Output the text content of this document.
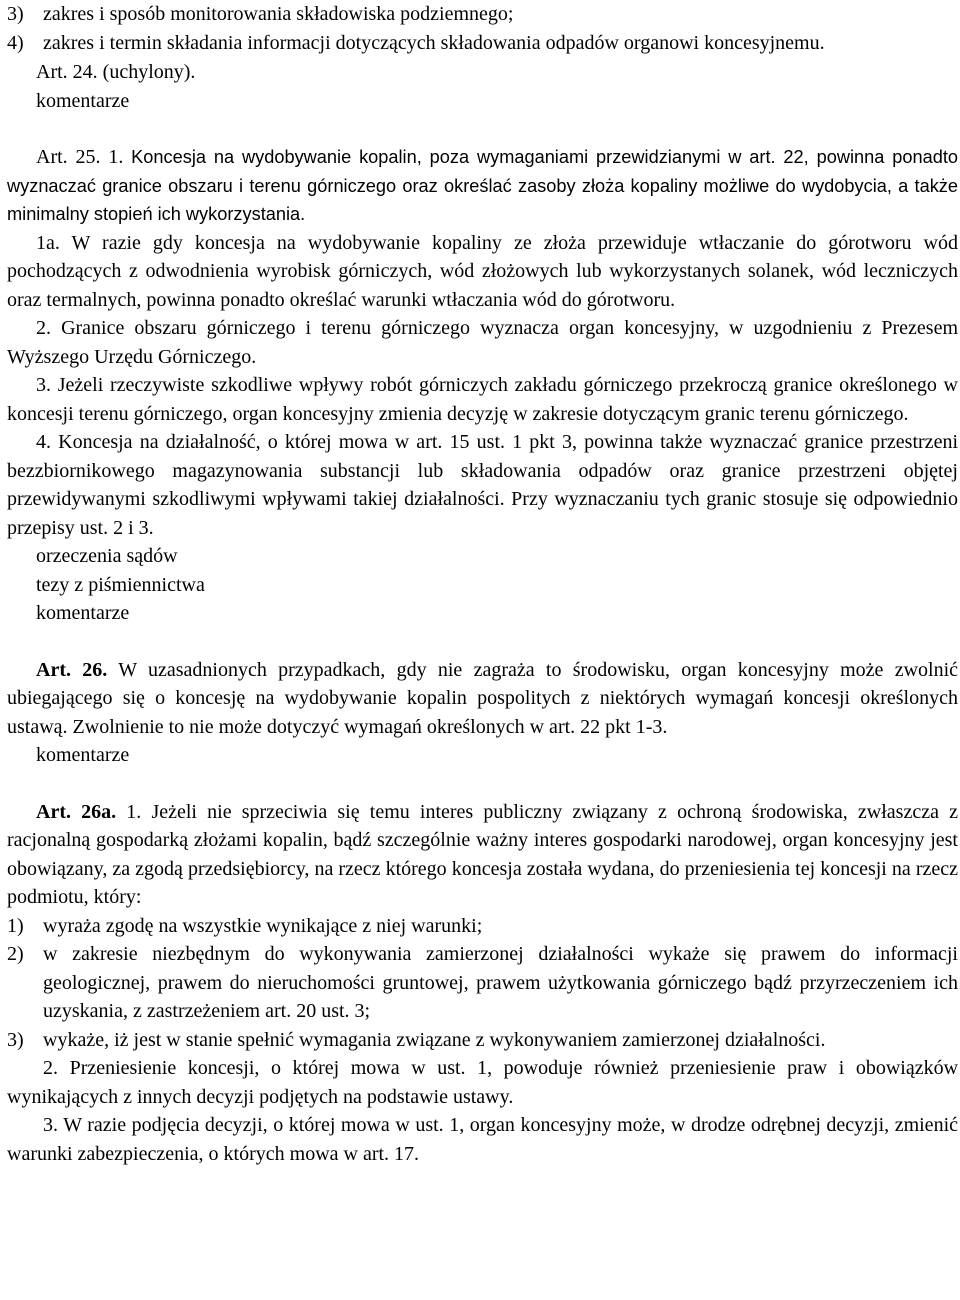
3) zakres i sposób monitorowania składowiska podziemnego;
4) zakres i termin składania informacji dotyczących składowania odpadów organowi koncesyjnemu.

Art. 24. (uchylony).

komentarze

Art. 25. 1. Koncesja na wydobywanie kopalin, poza wymaganiami przewidzianymi w art. 22, powinna ponadto wyznaczać granice obszaru i terenu górniczego oraz określać zasoby złoża kopaliny możliwe do wydobycia, a także minimalny stopień ich wykorzystania.

1a. W razie gdy koncesja na wydobywanie kopaliny ze złoża przewiduje wtłaczanie do górotworu wód pochodzących z odwodnienia wyrobisk górniczych, wód złożowych lub wykorzystanych solanek, wód leczniczych oraz termalnych, powinna ponadto określać warunki wtłaczania wód do górotworu.

2. Granice obszaru górniczego i terenu górniczego wyznacza organ koncesyjny, w uzgodnieniu z Prezesem Wyższego Urzędu Górniczego.

3. Jeżeli rzeczywiste szkodliwe wpływy robót górniczych zakładu górniczego przekroczą granice określonego w koncesji terenu górniczego, organ koncesyjny zmienia decyzję w zakresie dotyczącym granic terenu górniczego.

4. Koncesja na działalność, o której mowa w art. 15 ust. 1 pkt 3, powinna także wyznaczać granice przestrzeni bezzbiornikowego magazynowania substancji lub składowania odpadów oraz granice przestrzeni objętej przewidywanymi szkodliwymi wpływami takiej działalności. Przy wyznaczaniu tych granic stosuje się odpowiednio przepisy ust. 2 i 3.

orzeczenia sądów

tezy z piśmiennictwa

komentarze

Art. 26. W uzasadnionych przypadkach, gdy nie zagraża to środowisku, organ koncesyjny może zwolnić ubiegającego się o koncesję na wydobywanie kopalin pospolitych z niektórych wymagań koncesji określonych ustawą. Zwolnienie to nie może dotyczyć wymagań określonych w art. 22 pkt 1-3.

komentarze

Art. 26a. 1. Jeżeli nie sprzeciwia się temu interes publiczny związany z ochroną środowiska, zwłaszcza z racjonalną gospodarką złożami kopalin, bądź szczególnie ważny interes gospodarki narodowej, organ koncesyjny jest obowiązany, za zgodą przedsiębiorcy, na rzecz którego koncesja została wydana, do przeniesienia tej koncesji na rzecz podmiotu, który:

1) wyraża zgodę na wszystkie wynikające z niej warunki;
2) w zakresie niezbędnym do wykonywania zamierzonej działalności wykaże się prawem do informacji geologicznej, prawem do nieruchomości gruntowej, prawem użytkowania górniczego bądź przyrzeczeniem ich uzyskania, z zastrzeżeniem art. 20 ust. 3;
3) wykaże, iż jest w stanie spełnić wymagania związane z wykonywaniem zamierzonej działalności.

2. Przeniesienie koncesji, o której mowa w ust. 1, powoduje również przeniesienie praw i obowiązków wynikających z innych decyzji podjętych na podstawie ustawy.

3. W razie podjęcia decyzji, o której mowa w ust. 1, organ koncesyjny może, w drodze odrębnej decyzji, zmienić warunki zabezpieczenia, o których mowa w art. 17.
